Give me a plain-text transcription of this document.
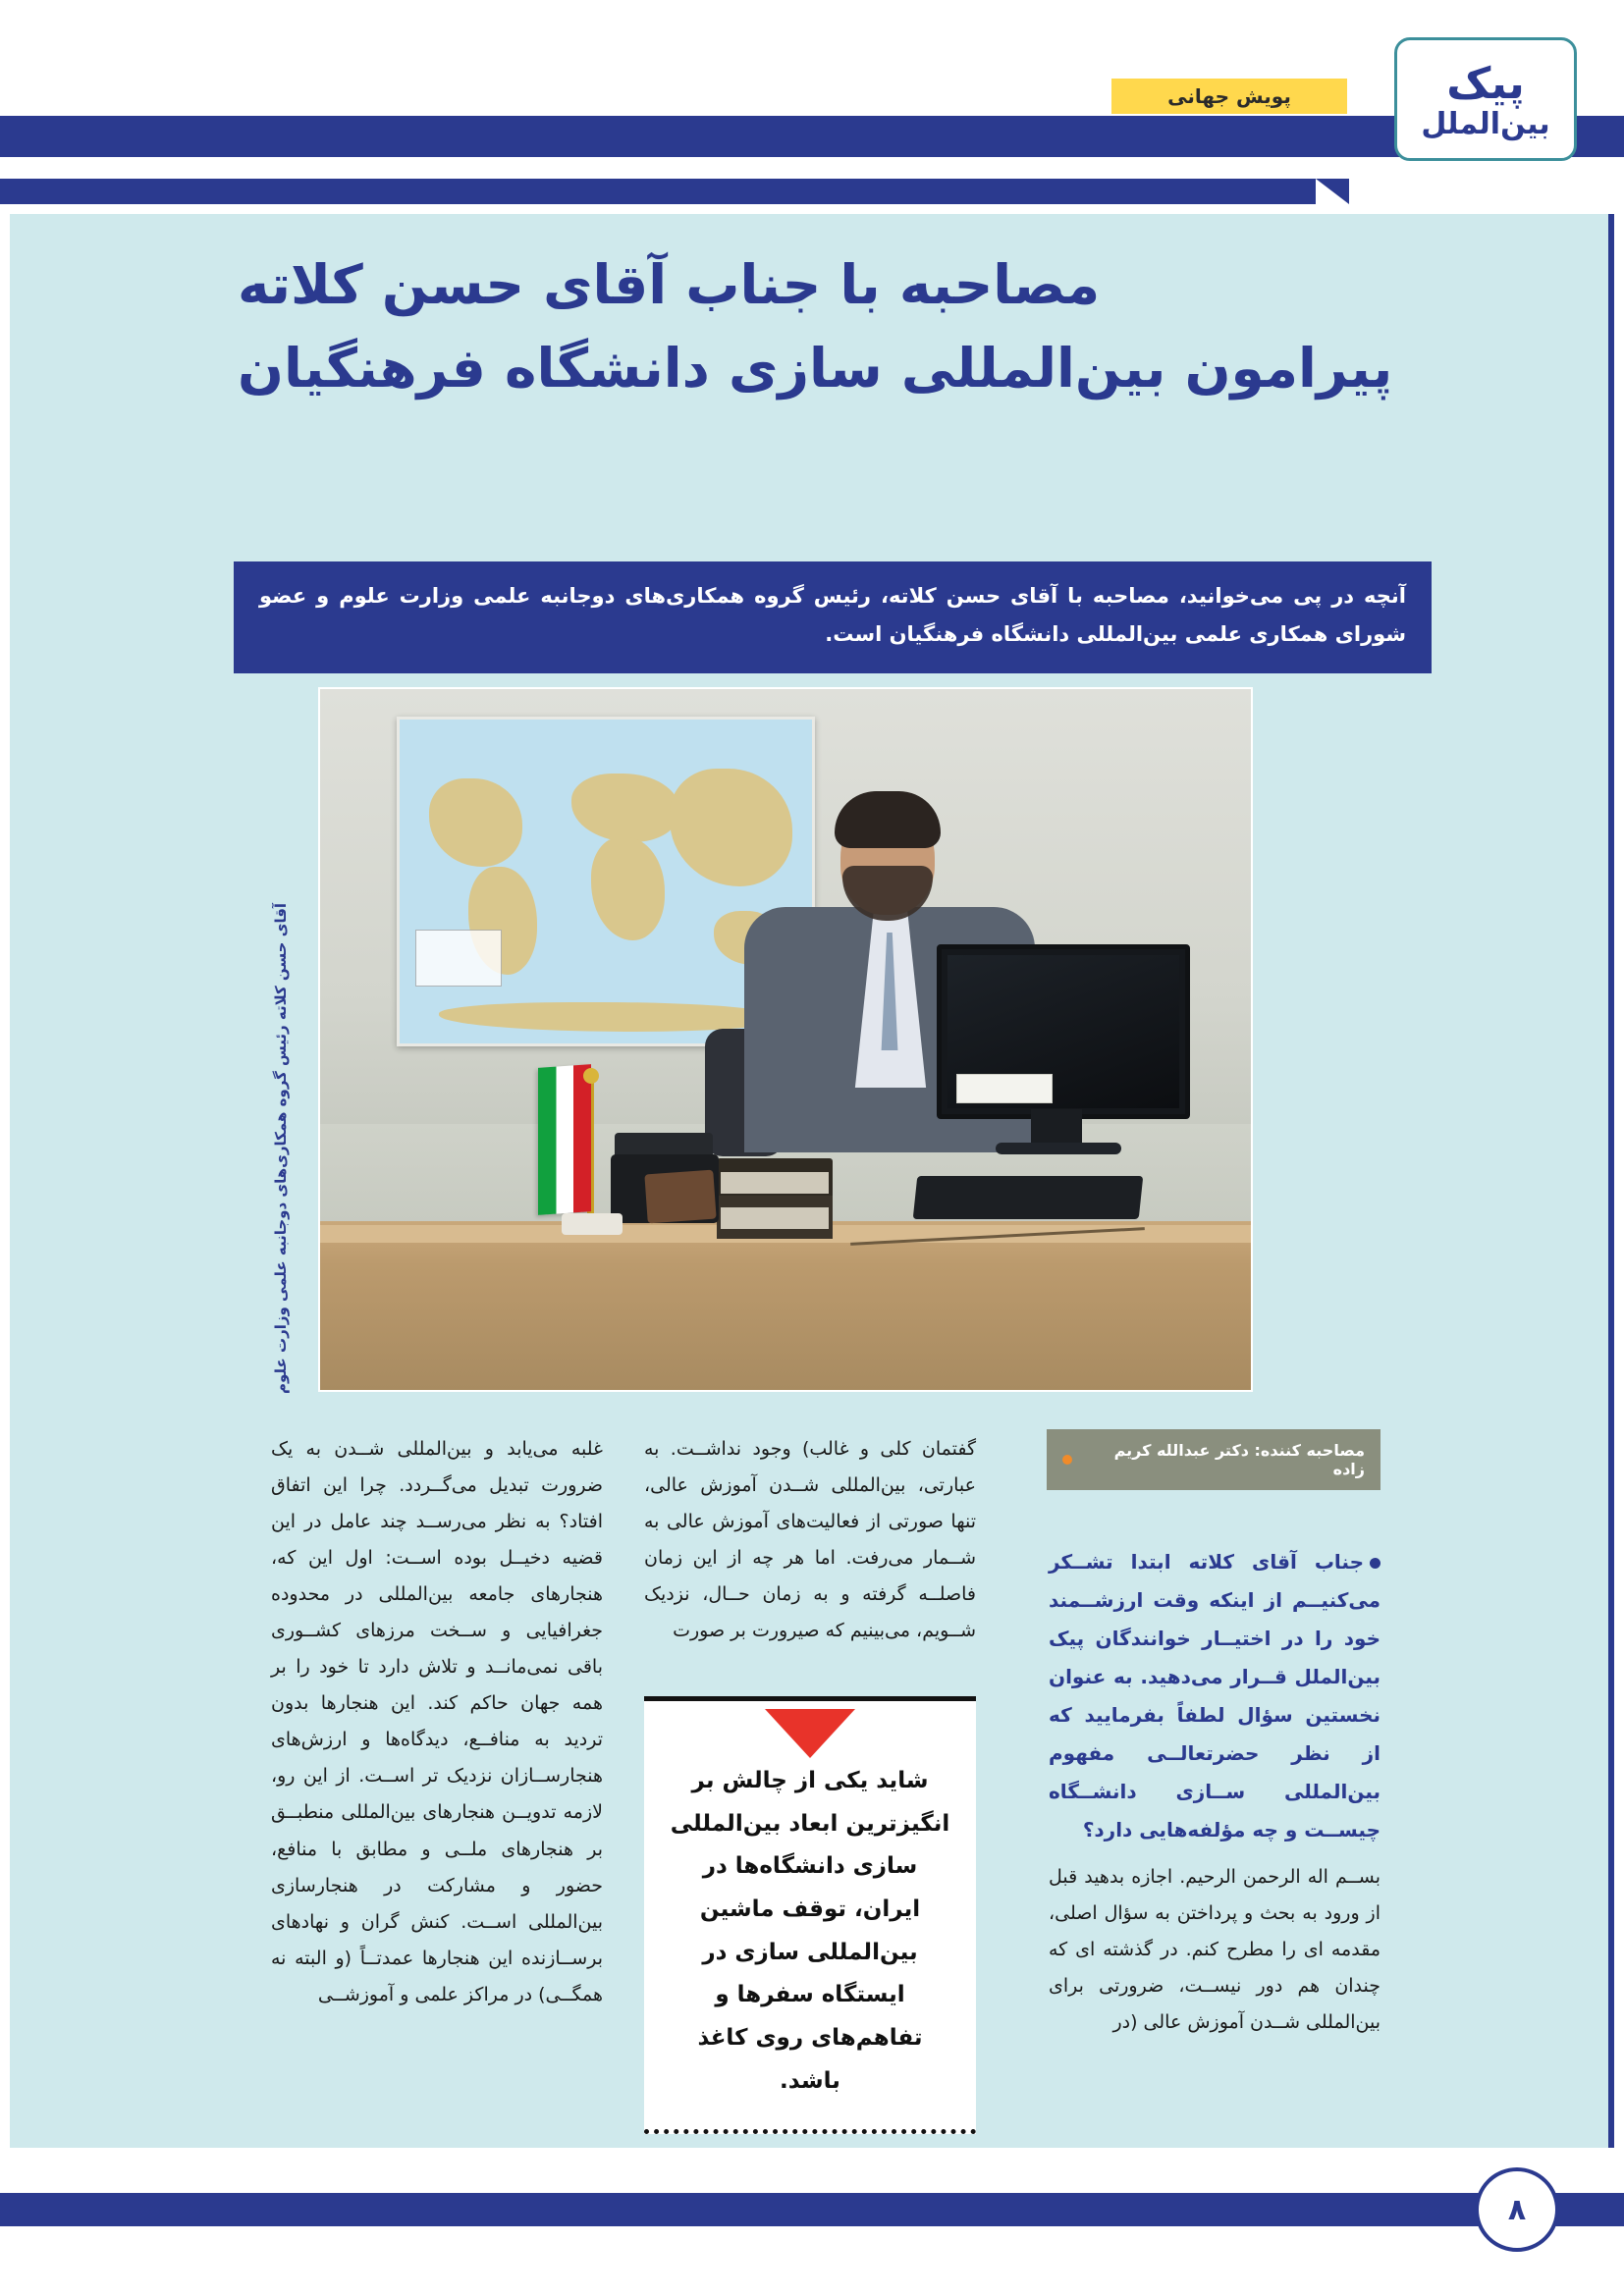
پویش جهانی	پیک
بین‌الملل
مصاحبه با جناب آقای حسن کلاته
پیرامون بین‌المللی سازی دانشگاه فرهنگیان
آنچه در پی می‌خوانید، مصاحبه با آقای حسن کلاته، رئیس گروه همکاری‌های دوجانبه علمی وزارت علوم و عضو شورای همکاری علمی بین‌المللی دانشگاه فرهنگیان است.
آقای حسن کلاته رئیس گروه همکاری‌های دوجانبه علمی وزارت علوم
مصاحبه کننده: دکتر عبدالله کریم زاده

جناب آقای کلاته ابتدا تشــکر می‌کنیــم از اینکه وقت ارزشــمند خود را در اختیــار خوانندگان پیک بین‌الملل قــرار می‌دهید. به عنوان نخستین سؤال لطفاً بفرمایید که از نظر حضر‌تعالــی مفهوم بین‌المللی ســازی دانشــگاه چیســت و چه مؤلفه‌هایی دارد؟

بســم اله الرحمن الرحیم. اجازه بدهید قبل از ورود به بحث و پرداختن به سؤال اصلی، مقدمه ای را مطرح کنم. در گذشته ای که چندان هم دور نیســت، ضرورتی برای بین‌المللی شــدن آموزش عالی (در

گفتمان کلی و غالب) وجود نداشــت. به عبارتی، بین‌المللی شــدن آموزش عالی، تنها صورتی از فعالیت‌های آموزش عالی به شــمار می‌رفت. اما هر چه از این زمان فاصلــه گرفته و به زمان حــال، نزدیک شــویم، می‌بینیم که صیرورت بر صورت

غلبه می‌یابد و بین‌المللی شــدن به یک ضرورت تبدیل می‌گــردد. چرا این اتفاق افتاد؟ به نظر می‌رســد چند عامل در این قضیه دخیــل بوده اســت: اول این که، هنجارهای جامعه بین‌المللی در محدوده جغرافیایی و ســخت مرزهای کشــوری باقی نمی‌مانــد و تلاش دارد تا خود را بر همه جهان حاکم کند. این هنجارها بدون تردید به منافــع، دیدگاه‌ها و ارزش‌های هنجارســازان نزدیک تر اســت. از این رو، لازمه تدویــن هنجارهای بین‌المللی منطبــق بر هنجارهای ملــی و مطابق با منافع، حضور و مشارکت در هنجارسازی بین‌المللی اســت. کنش گران و نهادهای برســازنده این هنجارها عمدتــاً (و البته نه همگــی) در مراکز علمی و آموزشــی

شاید یکی از چالش بر انگیزترین ابعاد بین‌المللی سازی دانشگاه‌ها در ایران، توقف ماشین بین‌المللی سازی در ایستگاه سفرها و تفاهم‌های روی کاغذ باشد.
۸
